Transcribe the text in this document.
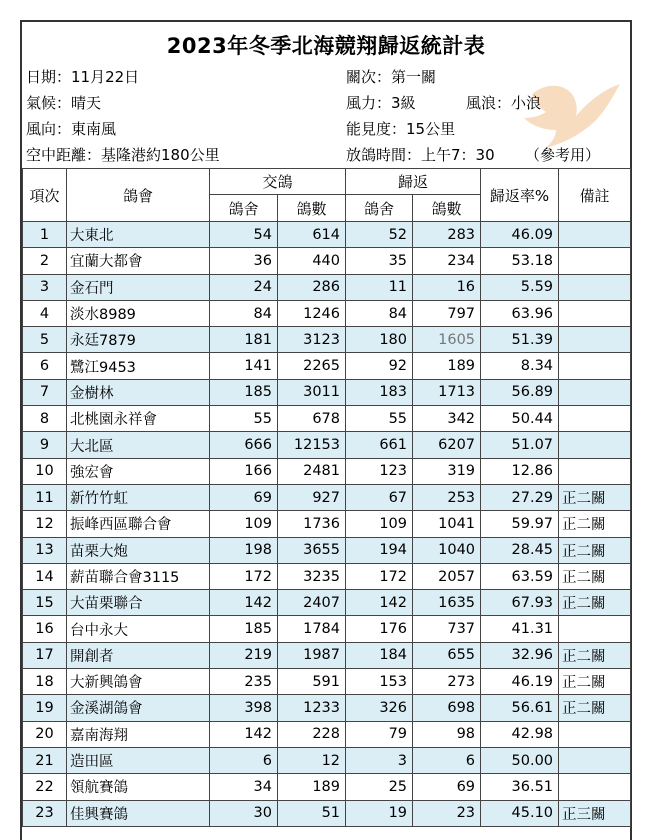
2023年冬季北海競翔歸返統計表
日期：11月22日
氣候：晴天
風向：東南風
空中距離：基隆港約180公里
關次：第一關
風力：3級	風浪：小浪
能見度：15公里
放鴿時間：上午7：30 （參考用）
項次	鴿會	交鴿		歸返		歸返率%	備註
		鴿舍	鴿數	鴿舍	鴿數		
1	大東北	54	614	52	283	46.09	
2	宜蘭大都會	36	440	35	234	53.18	
3	金石門	24	286	11	16	5.59	
4	淡水8989	84	1246	84	797	63.96	
5	永廷7879	181	3123	180	1605	51.39	
6	鷺江9453	141	2265	92	189	8.34	
7	金樹林	185	3011	183	1713	56.89	
8	北桃園永祥會	55	678	55	342	50.44	
9	大北區	666	12153	661	6207	51.07	
10	強宏會	166	2481	123	319	12.86	
11	新竹竹虹	69	927	67	253	27.29	正二關
12	振峰西區聯合會	109	1736	109	1041	59.97	正二關
13	苗栗大炮	198	3655	194	1040	28.45	正二關
14	薪苗聯合會3115	172	3235	172	2057	63.59	正二關
15	大苗栗聯合	142	2407	142	1635	67.93	正二關
16	台中永大	185	1784	176	737	41.31	
17	開創者	219	1987	184	655	32.96	正二關
18	大新興鴿會	235	591	153	273	46.19	正二關
19	金溪湖鴿會	398	1233	326	698	56.61	正二關
20	嘉南海翔	142	228	79	98	42.98	
21	造田區	6	12	3	6	50.00	
22	領航賽鴿	34	189	25	69	36.51	
23	佳興賽鴿	30	51	19	23	45.10	正三關
